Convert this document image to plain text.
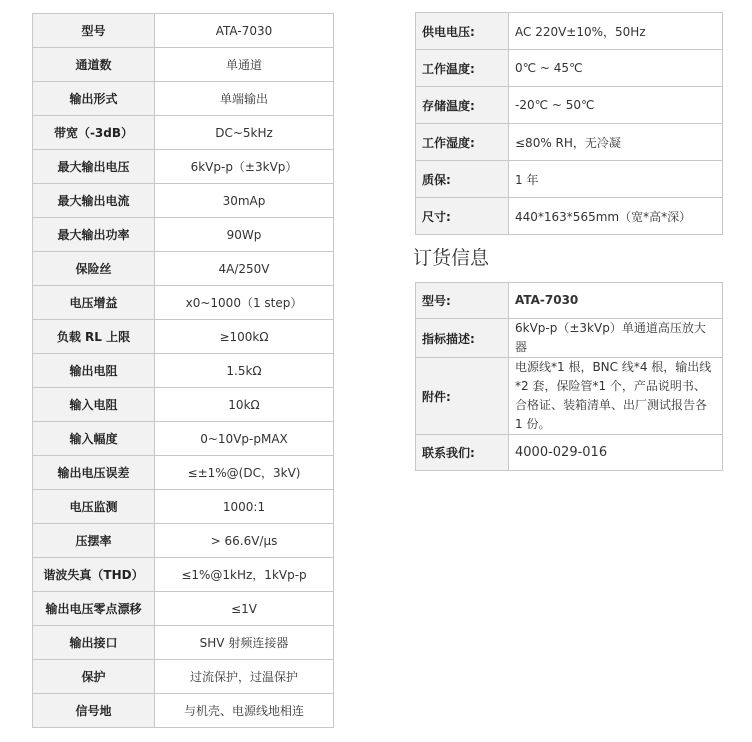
型号	ATA-7030
通道数	单通道
输出形式	单端输出
带宽（-3dB）	DC~5kHz
最大输出电压	6kVp-p（±3kVp）
最大输出电流	30mAp
最大输出功率	90Wp
保险丝	4A/250V
电压增益	x0~1000（1 step）
负载 RL 上限	≥100kΩ
输出电阻	1.5kΩ
输入电阻	10kΩ
输入幅度	0~10Vp-pMAX
输出电压误差	≤±1%@(DC，3kV)
电压监测	1000:1
压摆率	> 66.6V/μs
谐波失真（THD）	≤1%@1kHz，1kVp-p
输出电压零点漂移	≤1V
输出接口	SHV 射频连接器
保护	过流保护，过温保护
信号地	与机壳、电源线地相连
供电电压:	AC 220V±10%，50Hz
工作温度:	0℃ ~ 45℃
存储温度:	-20℃ ~ 50℃
工作湿度:	≤80% RH，无冷凝
质保:	1 年
尺寸:	440*163*565mm（宽*高*深）
订货信息
型号:	ATA-7030
指标描述:	6kVp-p（±3kVp）单通道高压放大器
附件:	电源线*1 根，BNC 线*4 根，输出线*2 套，保险管*1 个，产品说明书、合格证、装箱清单、出厂测试报告各 1 份。
联系我们:	4000-029-016
